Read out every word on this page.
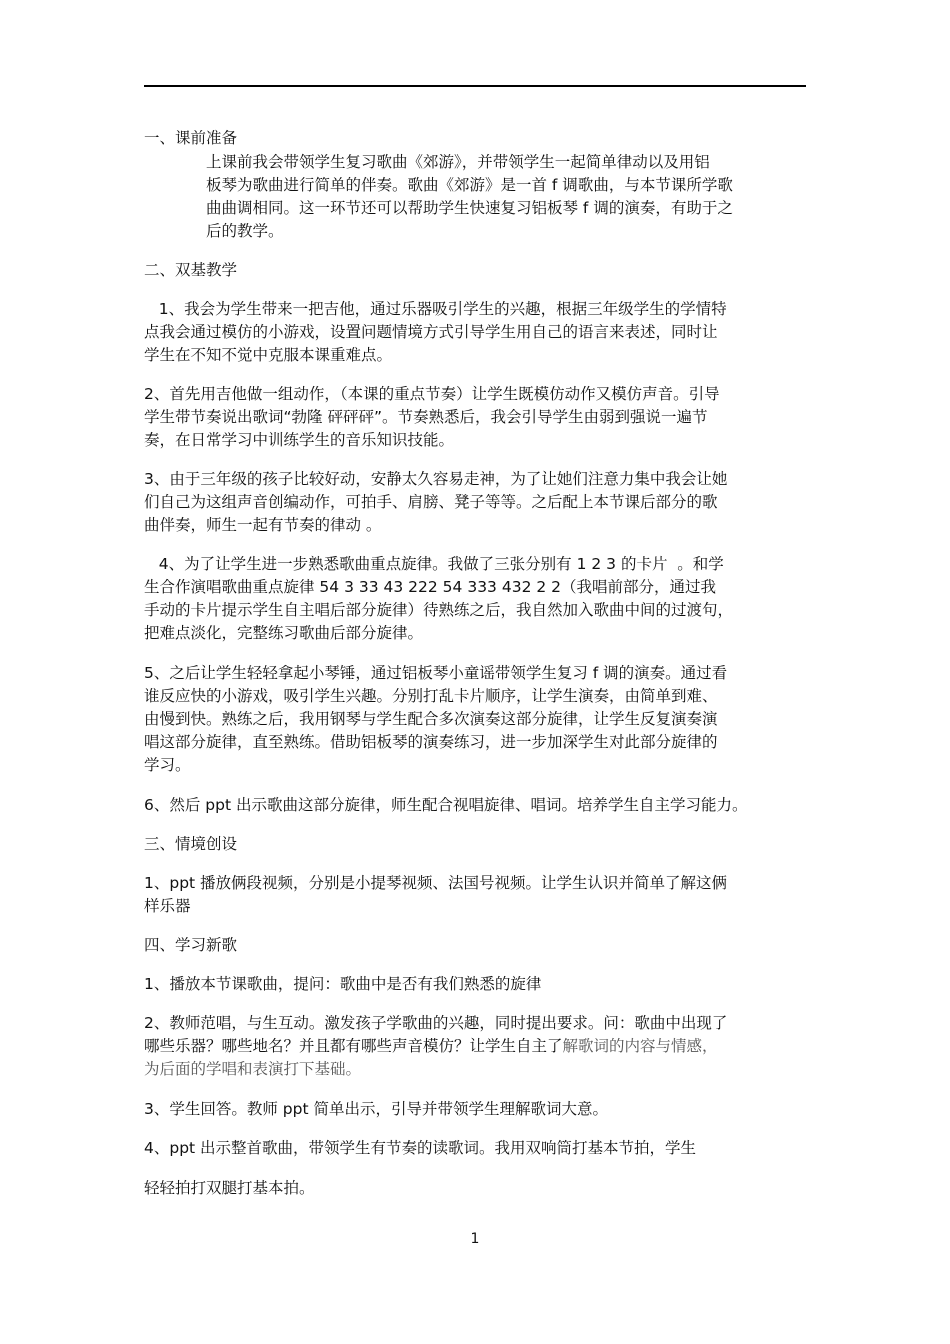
一、课前准备

上课前我会带领学生复习歌曲《郊游》，并带领学生一起简单律动以及用铝
板琴为歌曲进行简单的伴奏。歌曲《郊游》是一首 f 调歌曲，与本节课所学歌
曲曲调相同。这一环节还可以帮助学生快速复习铝板琴 f 调的演奏，有助于之
后的教学。

二、双基教学

1、我会为学生带来一把吉他，通过乐器吸引学生的兴趣，根据三年级学生的学情特
点我会通过模仿的小游戏，设置问题情境方式引导学生用自己的语言来表述，同时让
学生在不知不觉中克服本课重难点。

2、首先用吉他做一组动作，（本课的重点节奏）让学生既模仿动作又模仿声音。引导
学生带节奏说出歌词“勃隆 砰砰砰”。节奏熟悉后，我会引导学生由弱到强说一遍节
奏，在日常学习中训练学生的音乐知识技能。

3、由于三年级的孩子比较好动，安静太久容易走神，为了让她们注意力集中我会让她
们自己为这组声音创编动作，可拍手、肩膀、凳子等等。之后配上本节课后部分的歌
曲伴奏，师生一起有节奏的律动 。

4、为了让学生进一步熟悉歌曲重点旋律。我做了三张分别有 1 2 3 的卡片  。和学
生合作演唱歌曲重点旋律 54 3 33 43 222 54 333 432 2 2（我唱前部分，通过我
手动的卡片提示学生自主唱后部分旋律）待熟练之后，我自然加入歌曲中间的过渡句，
把难点淡化，完整练习歌曲后部分旋律。

5、之后让学生轻轻拿起小琴锤，通过铝板琴小童谣带领学生复习 f 调的演奏。通过看
谁反应快的小游戏，吸引学生兴趣。分别打乱卡片顺序，让学生演奏，由简单到难、
由慢到快。熟练之后，我用钢琴与学生配合多次演奏这部分旋律，让学生反复演奏演
唱这部分旋律，直至熟练。借助铝板琴的演奏练习，进一步加深学生对此部分旋律的
学习。

6、然后 ppt 出示歌曲这部分旋律，师生配合视唱旋律、唱词。培养学生自主学习能力。

三、情境创设

1、ppt 播放俩段视频，分别是小提琴视频、法国号视频。让学生认识并简单了解这俩
样乐器

四、学习新歌

1、播放本节课歌曲，提问：歌曲中是否有我们熟悉的旋律

2、教师范唱，与生互动。激发孩子学歌曲的兴趣，同时提出要求。问：歌曲中出现了
哪些乐器？哪些地名？并且都有哪些声音模仿？让学生自主了解歌词的内容与情感，
为后面的学唱和表演打下基础。

3、学生回答。教师 ppt 简单出示，引导并带领学生理解歌词大意。

4、ppt 出示整首歌曲，带领学生有节奏的读歌词。我用双响筒打基本节拍，学生

轻轻拍打双腿打基本拍。

1
